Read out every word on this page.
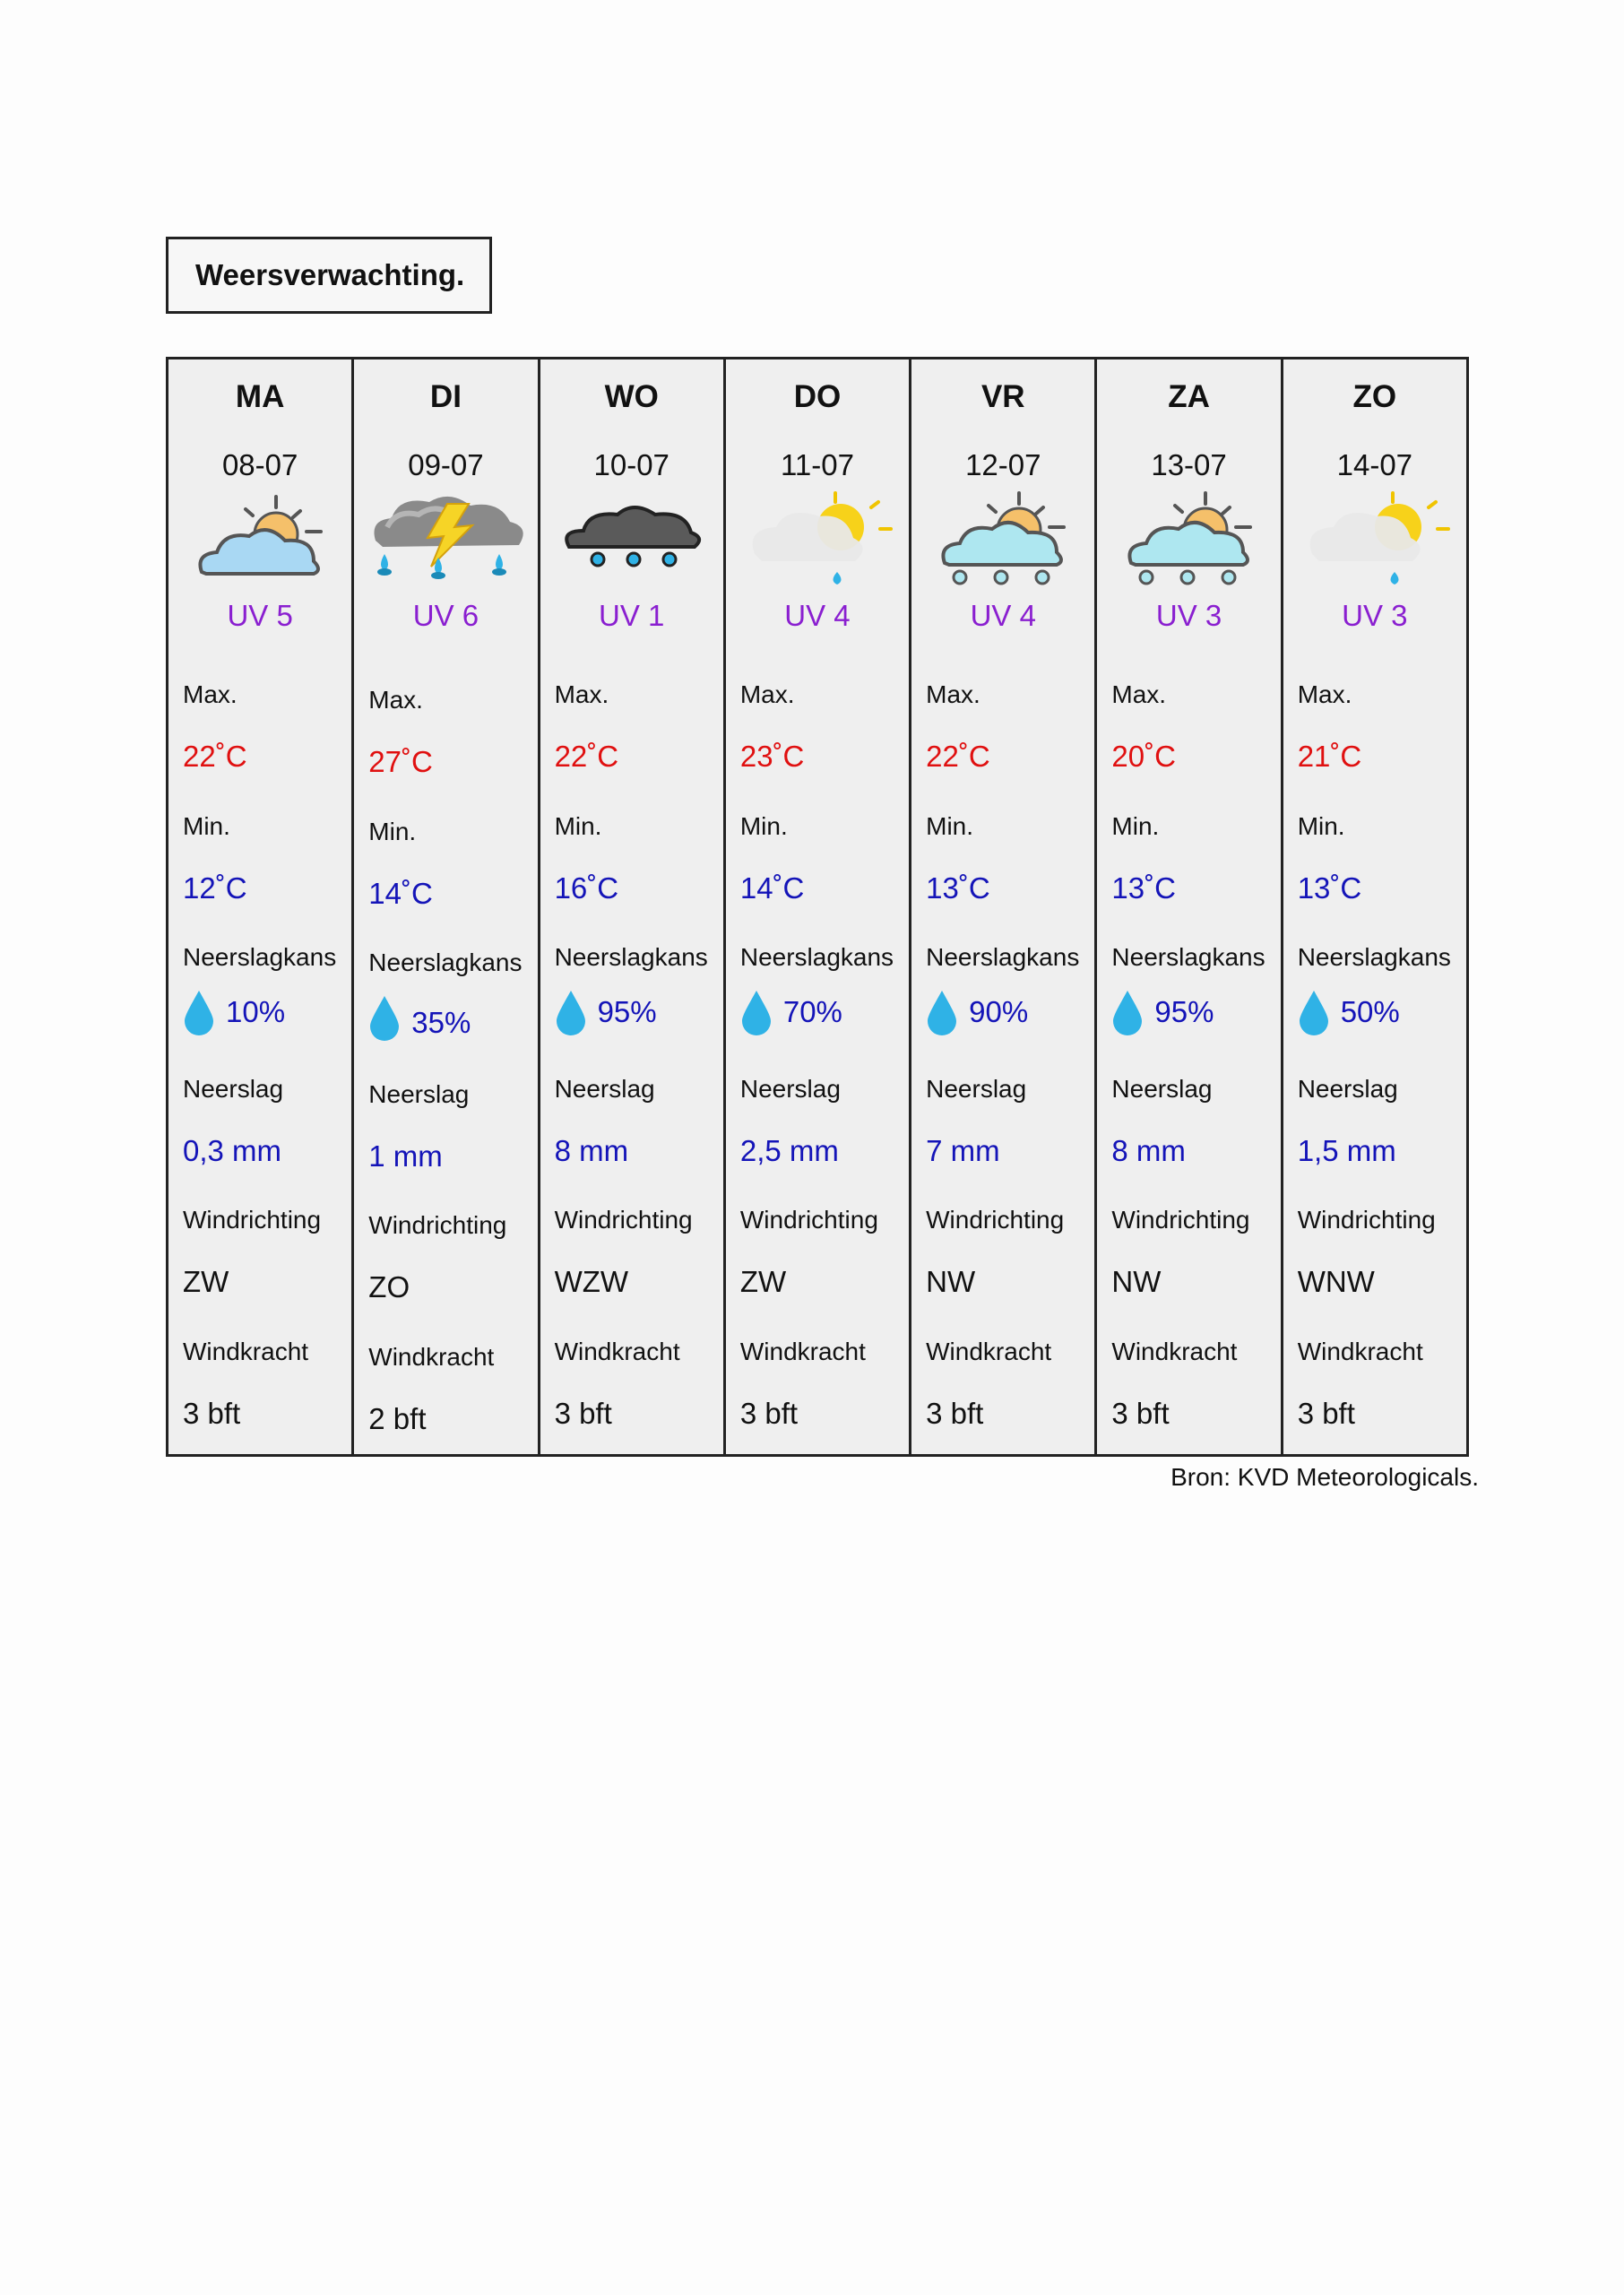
Weersverwachting.
MA
08-07
UV 5
Max.
22˚C
Min.
12˚C
Neerslagkans
10%
Neerslag
0,3 mm
Windrichting
ZW
Windkracht
3 bft
DI
09-07
UV 6
Max.
27˚C
Min.
14˚C
Neerslagkans
35%
Neerslag
1 mm
Windrichting
ZO
Windkracht
2 bft
WO
10-07
UV 1
Max.
22˚C
Min.
16˚C
Neerslagkans
95%
Neerslag
8 mm
Windrichting
WZW
Windkracht
3 bft
DO
11-07
UV 4
Max.
23˚C
Min.
14˚C
Neerslagkans
70%
Neerslag
2,5 mm
Windrichting
ZW
Windkracht
3 bft
VR
12-07
UV 4
Max.
22˚C
Min.
13˚C
Neerslagkans
90%
Neerslag
7 mm
Windrichting
NW
Windkracht
3 bft
ZA
13-07
UV 3
Max.
20˚C
Min.
13˚C
Neerslagkans
95%
Neerslag
8 mm
Windrichting
NW
Windkracht
3 bft
ZO
14-07
UV 3
Max.
21˚C
Min.
13˚C
Neerslagkans
50%
Neerslag
1,5 mm
Windrichting
WNW
Windkracht
3 bft
Bron: KVD Meteorologicals.
